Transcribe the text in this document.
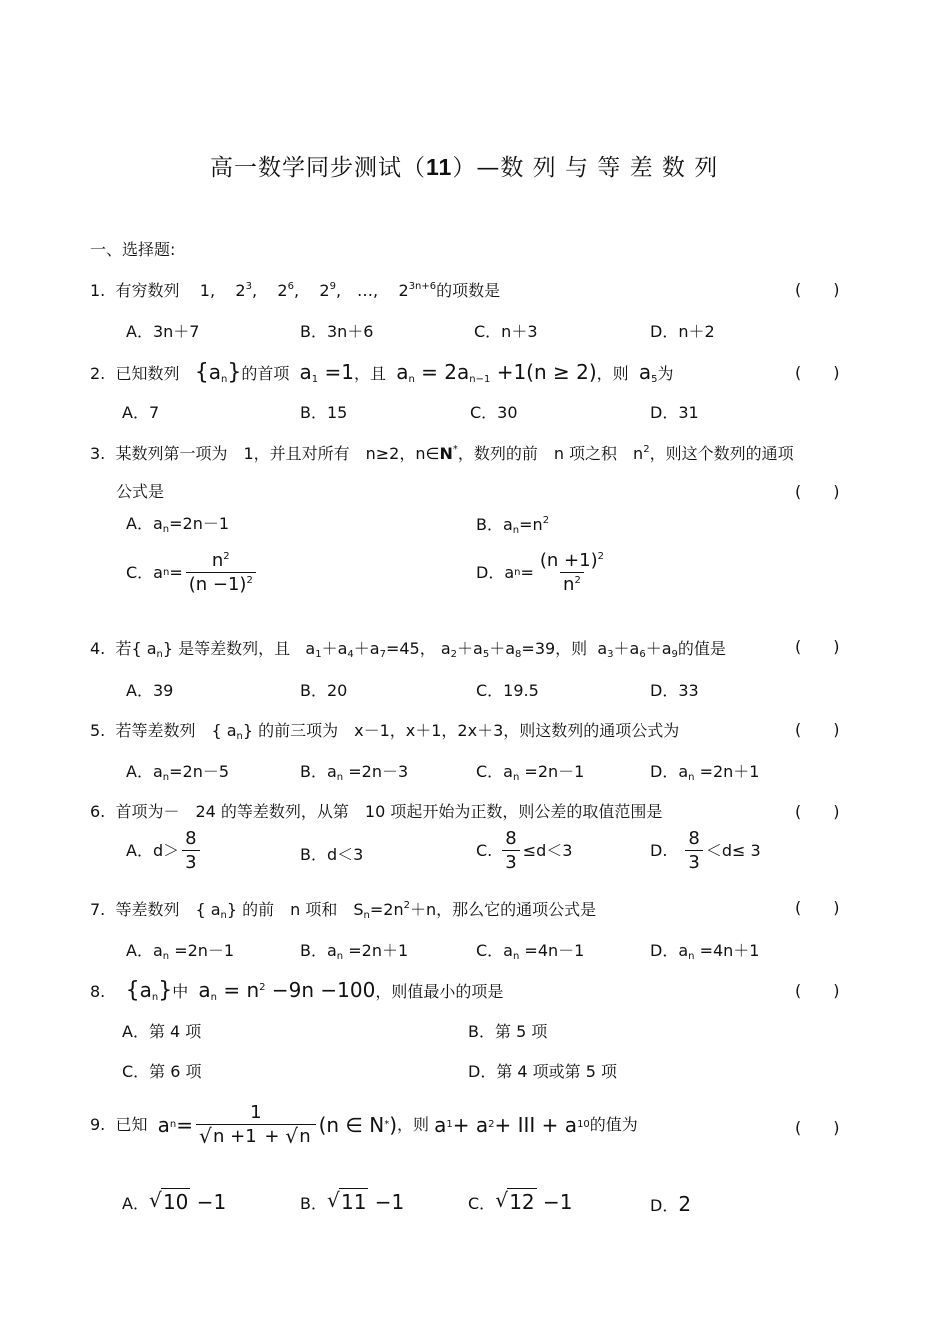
高一数学同步测试（11）—数 列 与 等 差 数 列
一、选择题:
1. 有穷数列 1, $2^3$,    $2^6$,    $2^9$,　…, $2^{3n+6}$的项数是	(　　)
A．3n＋7	B．3n＋6	C．n＋3	D．n＋2
2. 已知数列 $\{a_n\}$的首项 $a_1 =1$，且 $a_n = 2a_{n-1} +1(n \ge 2)$，则 $a_5$为	(　　)
A．7	B．15	C．30	D．31
3. 某数列第一项为　1，并且对所有　n≥2，n∈N*，数列的前　n 项之积　$n^2$，则这个数列的通项
公式是	(　　)
A．$a_n=2n-1$	B．$a_n=n^2$
C．a $n = \frac{n^2}{(n -1)^2}$	D．a $n = \frac{(n +1)^2}{n^2}$
4. 若{ $a_n$} 是等差数列，且 $a_1+a_4+a_7=45$， $a_2+a_5+a_8=39$，则 $a_3+a_6+a_9$的值是	(　　)
A．39	B．20	C．19.5	D．33
5. 若等差数列　{ $a_n$} 的前三项为　x－1，x＋1，2x＋3，则这数列的通项公式为	(　　)
A．$a_n=2n-5$	B．$a_n =2n-3$	C．$a_n =2n-1$	D．$a_n =2n+1$
6. 首项为－　24 的等差数列，从第　10 项起开始为正数，则公差的取值范围是	(　　)
A．$d> \frac{8}{3}$	B．d＜3	C. $\frac{8}{3} \le d<3$	D. $\frac{8}{3} <d\le 3$
7. 等差数列　{ $a_n$} 的前　n 项和　$S_n=2n^2+n$，那么它的通项公式是	(　　)
A．$a_n =2n-1$	B．$a_n =2n+1$	C．$a_n =4n-1$	D．$a_n =4n+1$
8. $\{a_n\}$中 $a_n = n^2 -9n -100$，则值最小的项是	(　　)
A．第 4 项	B．第 5 项
C．第 6 项	D．第 4 项或第 5 项
9.
已知
a n = 1
√ n +1 + √ n (n ∈ N * ) ，则
a 1 + a 2 + ⅠⅠⅠ + a 10 的值为	(　　)
A． √ 10 −1	B． √ 11 −1	C． √ 12 −1	D．2
